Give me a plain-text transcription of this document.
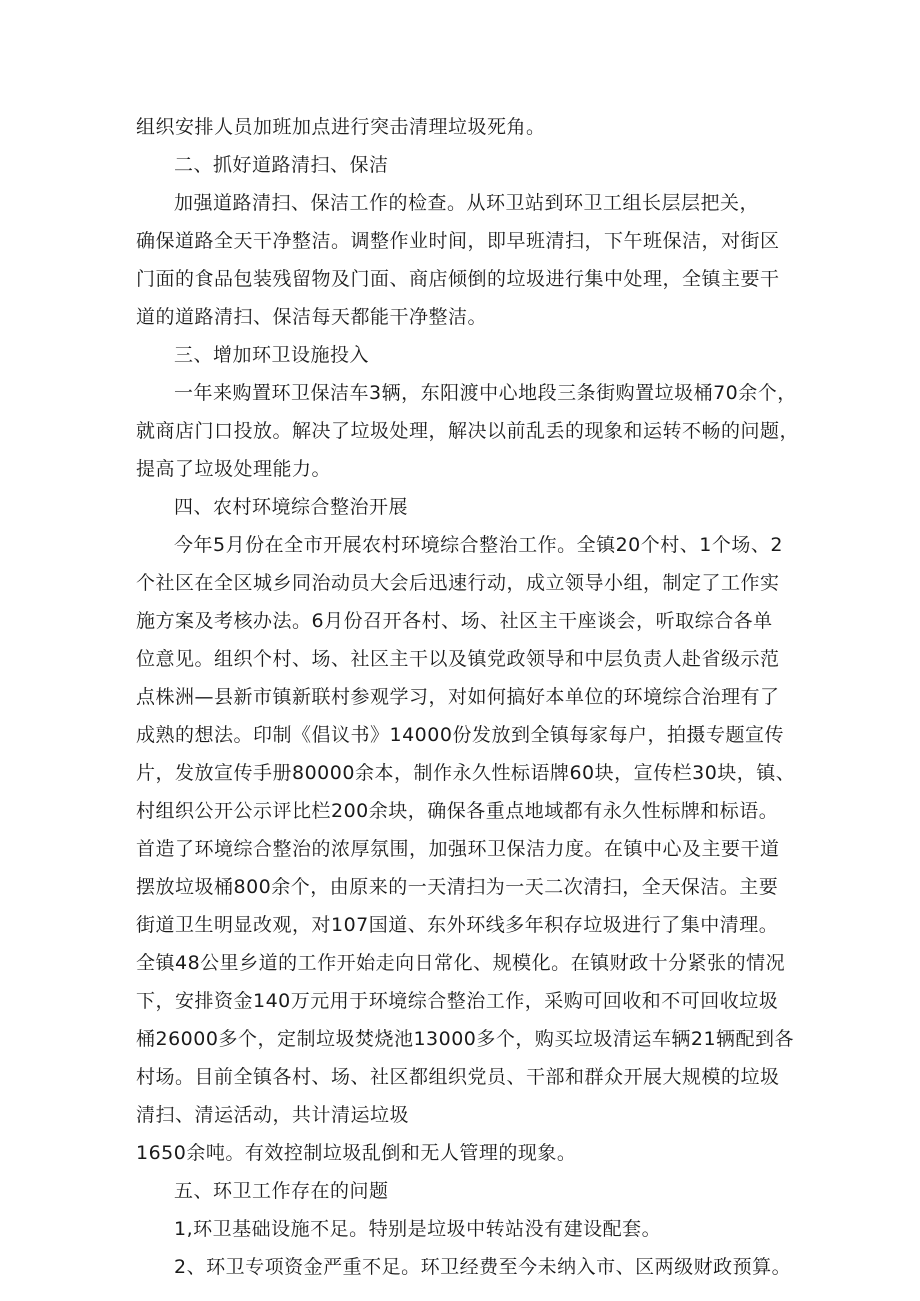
组织安排人员加班加点进行突击清理垃圾死角。
二、抓好道路清扫、保洁
加强道路清扫、保洁工作的检查。从环卫站到环卫工组长层层把关，
确保道路全天干净整洁。调整作业时间，即早班清扫，下午班保洁，对街区
门面的食品包装残留物及门面、商店倾倒的垃圾进行集中处理，全镇主要干
道的道路清扫、保洁每天都能干净整洁。
三、增加环卫设施投入
一年来购置环卫保洁车3辆，东阳渡中心地段三条街购置垃圾桶70余个，
就商店门口投放。解决了垃圾处理，解决以前乱丢的现象和运转不畅的问题，
提高了垃圾处理能力。
四、农村环境综合整治开展
今年5月份在全市开展农村环境综合整治工作。全镇20个村、1个场、2
个社区在全区城乡同治动员大会后迅速行动，成立领导小组，制定了工作实
施方案及考核办法。6月份召开各村、场、社区主干座谈会，听取综合各单
位意见。组织个村、场、社区主干以及镇党政领导和中层负责人赴省级示范
点株洲—县新市镇新联村参观学习，对如何搞好本单位的环境综合治理有了
成熟的想法。印制《倡议书》14000份发放到全镇每家每户，拍摄专题宣传
片，发放宣传手册80000余本，制作永久性标语牌60块，宣传栏30块，镇、
村组织公开公示评比栏200余块，确保各重点地域都有永久性标牌和标语。
首造了环境综合整治的浓厚氛围，加强环卫保洁力度。在镇中心及主要干道
摆放垃圾桶800余个，由原来的一天清扫为一天二次清扫，全天保洁。主要
街道卫生明显改观，对107国道、东外环线多年积存垃圾进行了集中清理。
全镇48公里乡道的工作开始走向日常化、规模化。在镇财政十分紧张的情况
下，安排资金140万元用于环境综合整治工作，采购可回收和不可回收垃圾
桶26000多个，定制垃圾焚烧池13000多个，购买垃圾清运车辆21辆配到各
村场。目前全镇各村、场、社区都组织党员、干部和群众开展大规模的垃圾
清扫、清运活动，共计清运垃圾
1650余吨。有效控制垃圾乱倒和无人管理的现象。
五、环卫工作存在的问题
1,环卫基础设施不足。特别是垃圾中转站没有建设配套。
2、环卫专项资金严重不足。环卫经费至今未纳入市、区两级财政预算。
